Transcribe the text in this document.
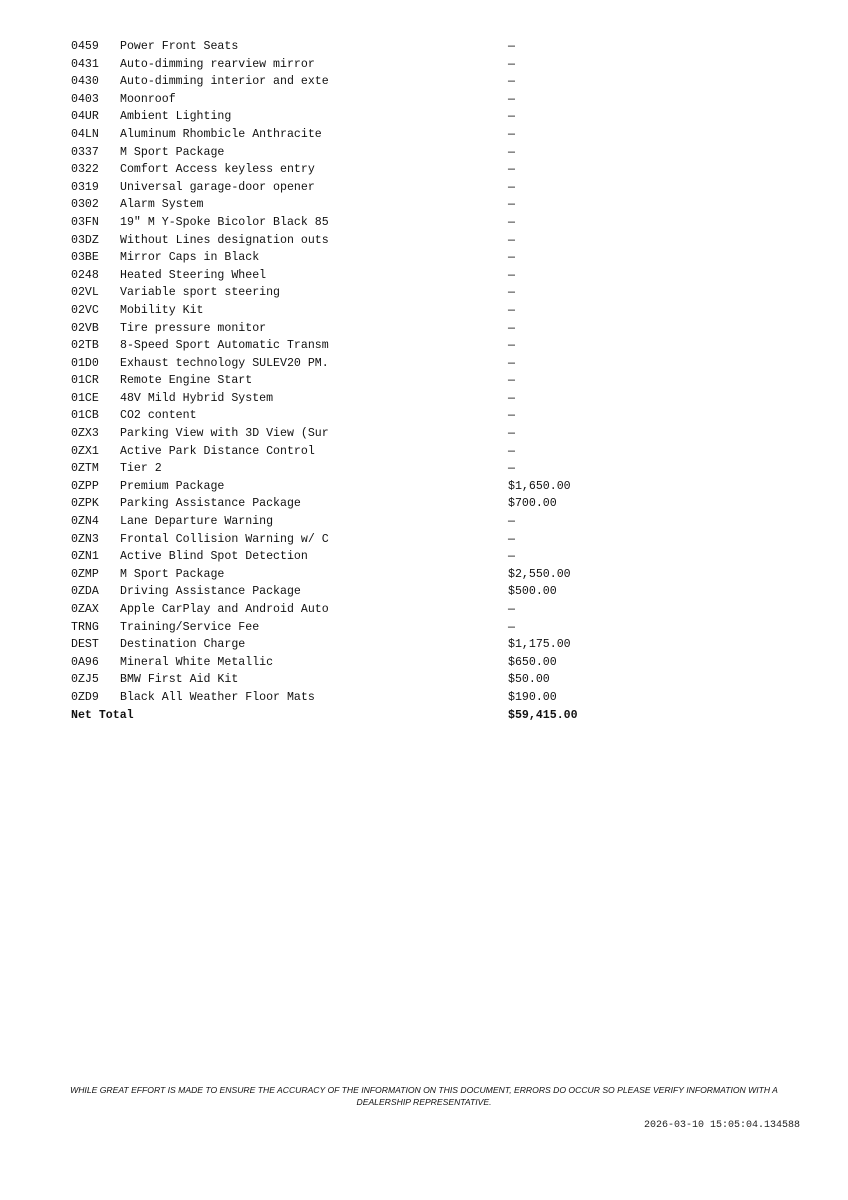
0459	Power Front Seats	—
0431	Auto-dimming rearview mirror	—
0430	Auto-dimming interior and exte	—
0403	Moonroof	—
04UR	Ambient Lighting	—
04LN	Aluminum Rhombicle Anthracite	—
0337	M Sport Package	—
0322	Comfort Access keyless entry	—
0319	Universal garage-door opener	—
0302	Alarm System	—
03FN	19" M Y-Spoke Bicolor Black 85	—
03DZ	Without Lines designation outs	—
03BE	Mirror Caps in Black	—
0248	Heated Steering Wheel	—
02VL	Variable sport steering	—
02VC	Mobility Kit	—
02VB	Tire pressure monitor	—
02TB	8-Speed Sport Automatic Transm	—
01D0	Exhaust technology SULEV20 PM.	—
01CR	Remote Engine Start	—
01CE	48V Mild Hybrid System	—
01CB	CO2 content	—
0ZX3	Parking View with 3D View (Sur	—
0ZX1	Active Park Distance Control	—
0ZTM	Tier 2	—
0ZPP	Premium Package	$1,650.00
0ZPK	Parking Assistance Package	$700.00
0ZN4	Lane Departure Warning	—
0ZN3	Frontal Collision Warning w/ C	—
0ZN1	Active Blind Spot Detection	—
0ZMP	M Sport Package	$2,550.00
0ZDA	Driving Assistance Package	$500.00
0ZAX	Apple CarPlay and Android Auto	—
TRNG	Training/Service Fee	—
DEST	Destination Charge	$1,175.00
0A96	Mineral White Metallic	$650.00
0ZJ5	BMW First Aid Kit	$50.00
0ZD9	Black All Weather Floor Mats	$190.00
Net Total	$59,415.00
WHILE GREAT EFFORT IS MADE TO ENSURE THE ACCURACY OF THE INFORMATION ON THIS DOCUMENT, ERRORS DO OCCUR SO PLEASE VERIFY INFORMATION WITH A DEALERSHIP REPRESENTATIVE.
2026-03-10 15:05:04.134588
